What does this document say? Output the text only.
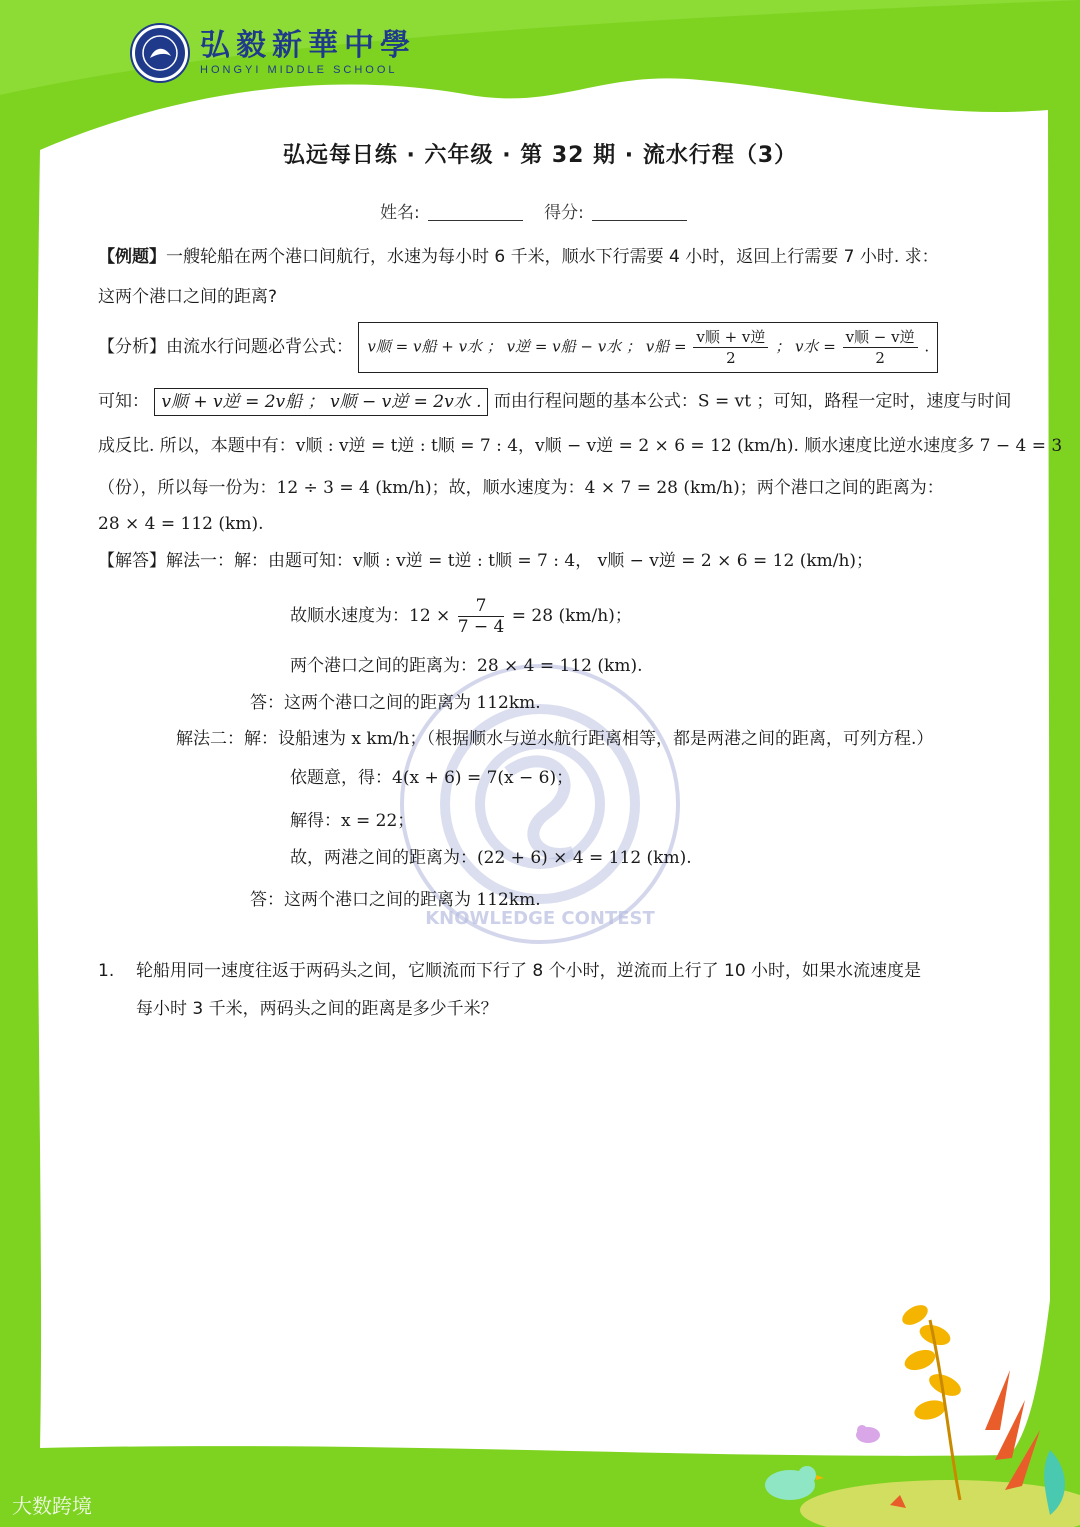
弘毅新華中學
HONGYI MIDDLE SCHOOL
弘远每日练 · 六年级 · 第 32 期 · 流水行程（3）
姓名:	得分:
KNOWLEDGE CONTEST
【例题】一艘轮船在两个港口间航行，水速为每小时 6 千米，顺水下行需要 4 小时，返回上行需要 7 小时. 求：
这两个港口之间的距离?
【分析】由流水行问题必背公式： v顺 = v船 + v水 ； v逆 = v船 − v水 ； v船 = $\frac{\text{v顺 + v逆}}{2}$ ； v水 = $\frac{\text{v顺 − v逆}}{2}$ .
可知： v顺 + v逆 = 2v船 ； v顺 − v逆 = 2v水 . 而由行程问题的基本公式：S = vt ；可知，路程一定时，速度与时间
成反比. 所以，本题中有：v顺 : v逆 = t逆 : t顺 = 7 : 4，v顺 − v逆 = 2 × 6 = 12 (km/h). 顺水速度比逆水速度多 7 − 4 = 3
（份），所以每一份为：12 ÷ 3 = 4 (km/h)；故，顺水速度为：4 × 7 = 28 (km/h)；两个港口之间的距离为：
28 × 4 = 112 (km).
【解答】解法一：解：由题可知：v顺 : v逆 = t逆 : t顺 = 7 : 4， v顺 − v逆 = 2 × 6 = 12 (km/h)；
故顺水速度为：$12 \times \frac{7}{7 - 4} = 28$ (km/h)；
两个港口之间的距离为：28 × 4 = 112 (km).
答：这两个港口之间的距离为 112km.
解法二：解：设船速为 x km/h；（根据顺水与逆水航行距离相等，都是两港之间的距离，可列方程.）
依题意，得：4(x + 6) = 7(x − 6)；
解得：x = 22；
故，两港之间的距离为：(22 + 6) × 4 = 112 (km).
答：这两个港口之间的距离为 112km.
1. 轮船用同一速度往返于两码头之间，它顺流而下行了 8 个小时，逆流而上行了 10 小时，如果水流速度是
每小时 3 千米，两码头之间的距离是多少千米？
大数跨境
